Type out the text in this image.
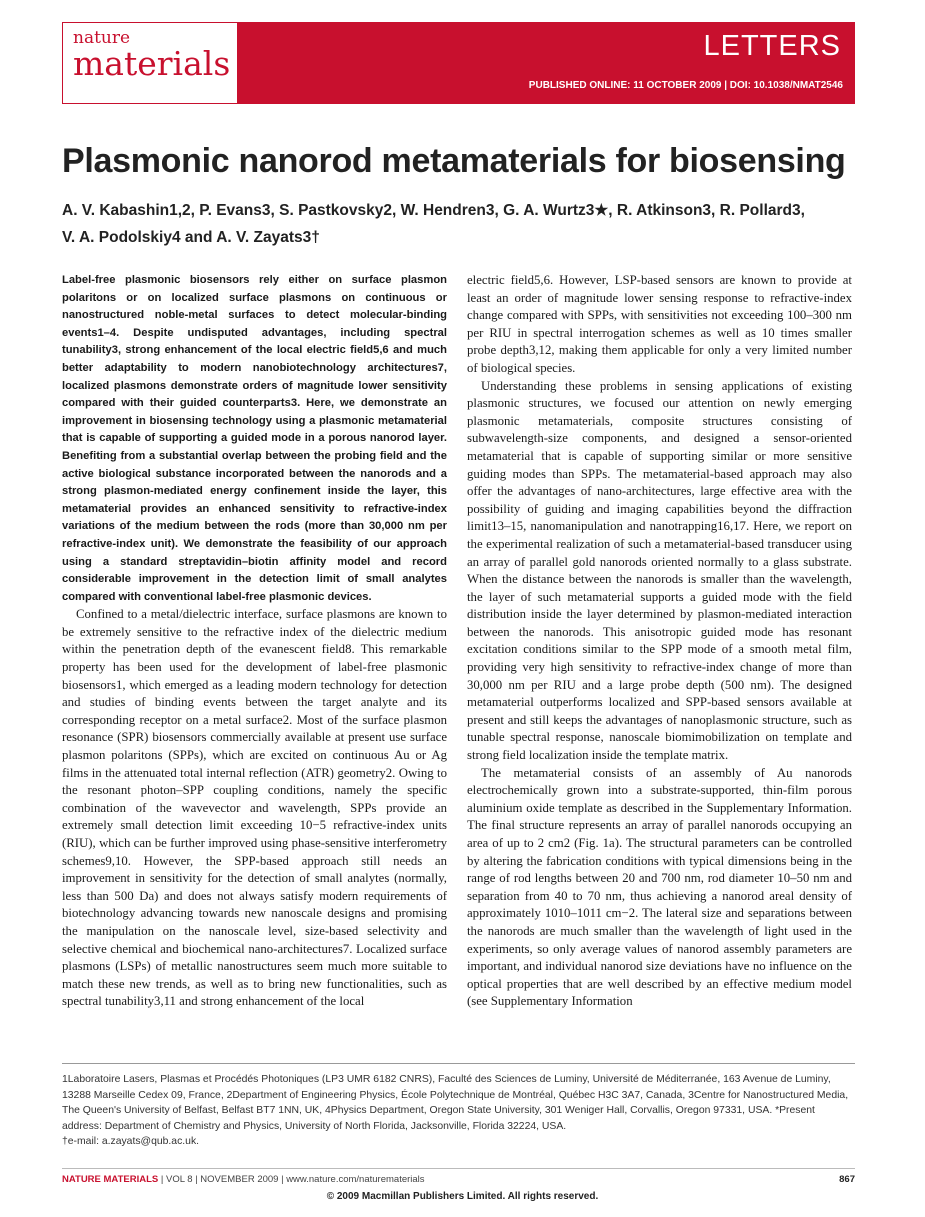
nature
materials	LETTERS
PUBLISHED ONLINE: 11 OCTOBER 2009 | DOI: 10.1038/NMAT2546
Plasmonic nanorod metamaterials for biosensing
A. V. Kabashin1,2, P. Evans3, S. Pastkovsky2, W. Hendren3, G. A. Wurtz3★, R. Atkinson3, R. Pollard3,
V. A. Podolskiy4 and A. V. Zayats3†

Label-free plasmonic biosensors rely either on surface plasmon polaritons or on localized surface plasmons on continuous or nanostructured noble-metal surfaces to detect molecular-binding events1–4. Despite undisputed advantages, including spectral tunability3, strong enhancement of the local electric field5,6 and much better adaptability to modern nanobiotechnology architectures7, localized plasmons demonstrate orders of magnitude lower sensitivity compared with their guided counterparts3. Here, we demonstrate an improvement in biosensing technology using a plasmonic metamaterial that is capable of supporting a guided mode in a porous nanorod layer. Benefiting from a substantial overlap between the probing field and the active biological substance incorporated between the nanorods and a strong plasmon-mediated energy confinement inside the layer, this metamaterial provides an enhanced sensitivity to refractive-index variations of the medium between the rods (more than 30,000 nm per refractive-index unit). We demonstrate the feasibility of our approach using a standard streptavidin–biotin affinity model and record considerable improvement in the detection limit of small analytes compared with conventional label-free plasmonic devices.

Confined to a metal/dielectric interface, surface plasmons are known to be extremely sensitive to the refractive index of the dielectric medium within the penetration depth of the evanescent field8. This remarkable property has been used for the development of label-free plasmonic biosensors1, which emerged as a leading modern technology for detection and studies of binding events between the target analyte and its corresponding receptor on a metal surface2. Most of the surface plasmon resonance (SPR) biosensors commercially available at present use surface plasmon polaritons (SPPs), which are excited on continuous Au or Ag films in the attenuated total internal reflection (ATR) geometry2. Owing to the resonant photon–SPP coupling conditions, namely the specific combination of the wavevector and wavelength, SPPs provide an extremely small detection limit exceeding 10−5 refractive-index units (RIU), which can be further improved using phase-sensitive interferometry schemes9,10. However, the SPP-based approach still needs an improvement in sensitivity for the detection of small analytes (normally, less than 500 Da) and does not always satisfy modern requirements of biotechnology advancing towards new nanoscale designs and promising the manipulation on the nanoscale level, size-based selectivity and selective chemical and biochemical nano-architectures7. Localized surface plasmons (LSPs) of metallic nanostructures seem much more suitable to match these new trends, as well as to bring new functionalities, such as spectral tunability3,11 and strong enhancement of the local

electric field5,6. However, LSP-based sensors are known to provide at least an order of magnitude lower sensing response to refractive-index change compared with SPPs, with sensitivities not exceeding 100–300 nm per RIU in spectral interrogation schemes as well as 10 times smaller probe depth3,12, making them applicable for only a very limited number of biological species.

Understanding these problems in sensing applications of existing plasmonic structures, we focused our attention on newly emerging plasmonic metamaterials, composite structures consisting of subwavelength-size components, and designed a sensor-oriented metamaterial that is capable of supporting similar or more sensitive guiding modes than SPPs. The metamaterial-based approach may also offer the advantages of nano-architectures, large effective area with the possibility of guiding and imaging capabilities beyond the diffraction limit13–15, nanomanipulation and nanotrapping16,17. Here, we report on the experimental realization of such a metamaterial-based transducer using an array of parallel gold nanorods oriented normally to a glass substrate. When the distance between the nanorods is smaller than the wavelength, the layer of such metamaterial supports a guided mode with the field distribution inside the layer determined by plasmon-mediated interaction between the nanorods. This anisotropic guided mode has resonant excitation conditions similar to the SPP mode of a smooth metal film, providing very high sensitivity to refractive-index change of more than 30,000 nm per RIU and a large probe depth (500 nm). The designed metamaterial outperforms localized and SPP-based sensors available at present and still keeps the advantages of nanoplasmonic structure, such as tunable spectral response, nanoscale biomimobilization on template and strong field localization inside the template matrix.

The metamaterial consists of an assembly of Au nanorods electrochemically grown into a substrate-supported, thin-film porous aluminium oxide template as described in the Supplementary Information. The final structure represents an array of parallel nanorods occupying an area of up to 2 cm2 (Fig. 1a). The structural parameters can be controlled by altering the fabrication conditions with typical dimensions being in the range of rod lengths between 20 and 700 nm, rod diameter 10–50 nm and separation from 40 to 70 nm, thus achieving a nanorod areal density of approximately 1010–1011 cm−2. The lateral size and separations between the nanorods are much smaller than the wavelength of light used in the experiments, so only average values of nanorod assembly parameters are important, and individual nanorod size deviations have no influence on the optical properties that are well described by an effective medium model (see Supplementary Information

1Laboratoire Lasers, Plasmas et Procédés Photoniques (LP3 UMR 6182 CNRS), Faculté des Sciences de Luminy, Université de Méditerranée, 163 Avenue de Luminy, 13288 Marseille Cedex 09, France, 2Department of Engineering Physics, École Polytechnique de Montréal, Québec H3C 3A7, Canada, 3Centre for Nanostructured Media, The Queen's University of Belfast, Belfast BT7 1NN, UK, 4Physics Department, Oregon State University, 301 Weniger Hall, Corvallis, Oregon 97331, USA. *Present address: Department of Chemistry and Physics, University of North Florida, Jacksonville, Florida 32224, USA.
†e-mail: a.zayats@qub.ac.uk.
NATURE MATERIALS | VOL 8 | NOVEMBER 2009 | www.nature.com/naturematerials	867
© 2009 Macmillan Publishers Limited. All rights reserved.
